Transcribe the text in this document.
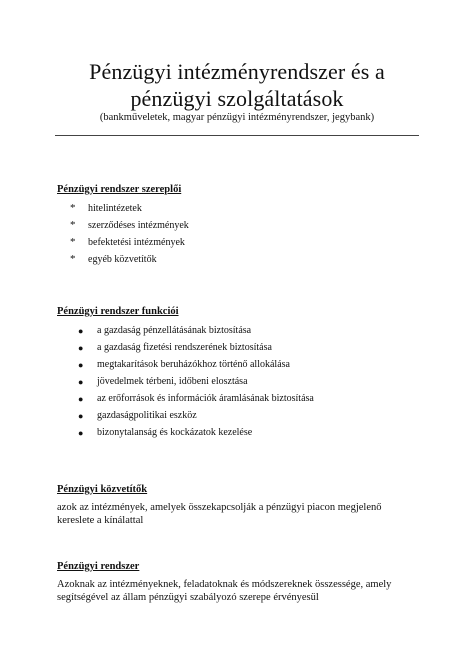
Pénzügyi intézményrendszer és a
pénzügyi szolgáltatások
(bankműveletek, magyar pénzügyi intézményrendszer, jegybank)
Pénzügyi rendszer szereplői
* hitelintézetek
* szerződéses intézmények
* befektetési intézmények
* egyéb közvetítők
Pénzügyi rendszer funkciói
● a gazdaság pénzellátásának biztosítása
● a gazdaság fizetési rendszerének biztosítása
● megtakarítások beruházókhoz történő allokálása
● jövedelmek térbeni, időbeni elosztása
● az erőforrások és információk áramlásának biztosítása
● gazdaságpolitikai eszköz
● bizonytalanság és kockázatok kezelése
Pénzügyi közvetítők
azok az intézmények, amelyek összekapcsolják a pénzügyi piacon megjelenő kereslete a kínálattal
Pénzügyi rendszer
Azoknak az intézményeknek, feladatoknak és módszereknek összessége, amely segítségével az állam pénzügyi szabályozó szerepe érvényesül
